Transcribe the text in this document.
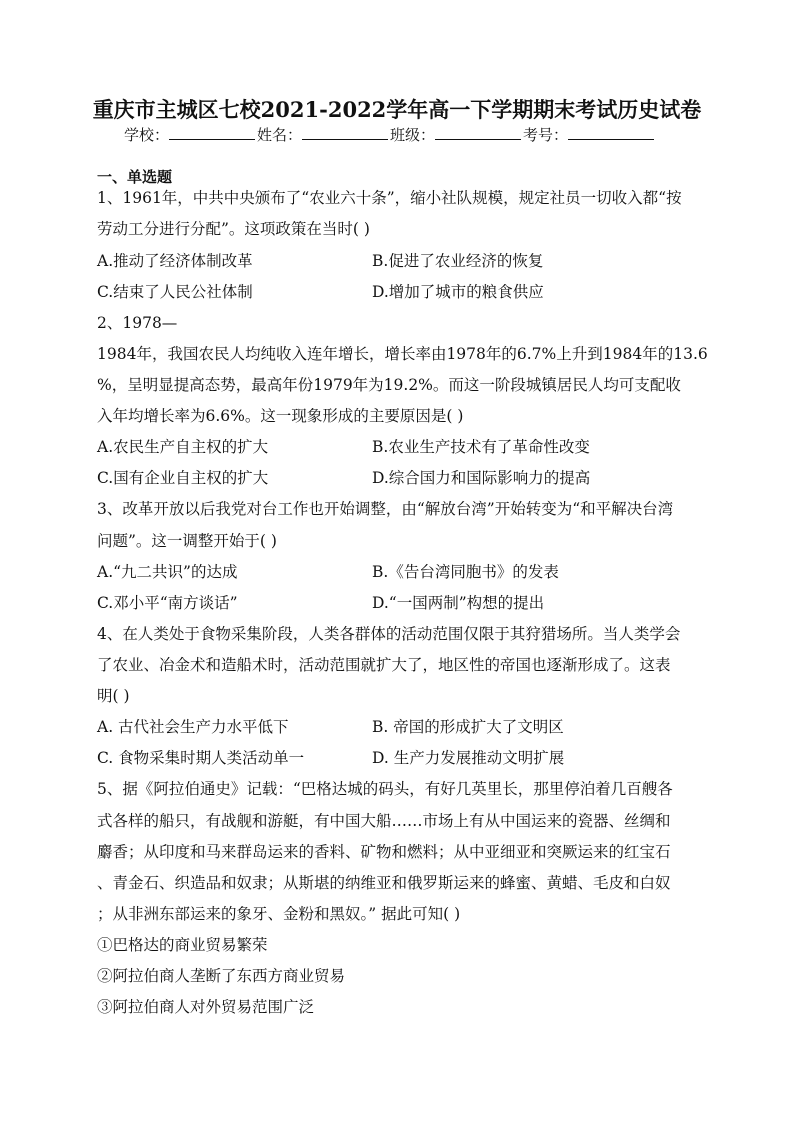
重庆市主城区七校2021-2022学年高一下学期期末考试历史试卷
学校：	姓名：	班级：	考号：
一、单选题
1、1961年，中共中央颁布了“农业六十条”，缩小社队规模，规定社员一切收入都“按
劳动工分进行分配”。这项政策在当时( )
A.推动了经济体制改革	B.促进了农业经济的恢复
C.结束了人民公社体制	D.增加了城市的粮食供应
2、1978—
1984年，我国农民人均纯收入连年增长，增长率由1978年的6.7%上升到1984年的13.6
%，呈明显提高态势，最高年份1979年为19.2%。而这一阶段城镇居民人均可支配收
入年均增长率为6.6%。这一现象形成的主要原因是( )
A.农民生产自主权的扩大	B.农业生产技术有了革命性改变
C.国有企业自主权的扩大	D.综合国力和国际影响力的提高
3、改革开放以后我党对台工作也开始调整，由“解放台湾”开始转变为“和平解决台湾
问题”。这一调整开始于( )
A.“九二共识”的达成	B.《告台湾同胞书》的发表
C.邓小平“南方谈话”	D.“一国两制”构想的提出
4、在人类处于食物采集阶段，人类各群体的活动范围仅限于其狩猎场所。当人类学会
了农业、冶金术和造船术时，活动范围就扩大了，地区性的帝国也逐渐形成了。这表
明( )
A. 古代社会生产力水平低下	B. 帝国的形成扩大了文明区
C. 食物采集时期人类活动单一	D. 生产力发展推动文明扩展
5、据《阿拉伯通史》记载：“巴格达城的码头，有好几英里长，那里停泊着几百艘各
式各样的船只，有战舰和游艇，有中国大船……市场上有从中国运来的瓷器、丝绸和
麝香；从印度和马来群岛运来的香料、矿物和燃料；从中亚细亚和突厥运来的红宝石
、青金石、织造品和奴隶；从斯堪的纳维亚和俄罗斯运来的蜂蜜、黄蜡、毛皮和白奴
；从非洲东部运来的象牙、金粉和黑奴。” 据此可知( )
①巴格达的商业贸易繁荣
②阿拉伯商人垄断了东西方商业贸易
③阿拉伯商人对外贸易范围广泛
